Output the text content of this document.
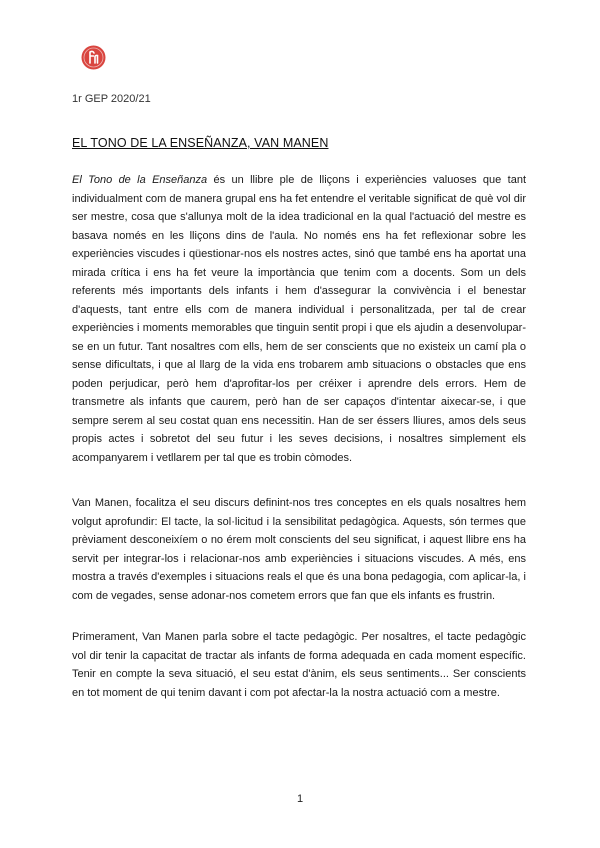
1r GEP 2020/21
EL TONO DE LA ENSEÑANZA, VAN MANEN

El Tono de la Enseñanza és un llibre ple de lliçons i experiències valuoses que tant individualment com de manera grupal ens ha fet entendre el veritable significat de què vol dir ser mestre, cosa que s'allunya molt de la idea tradicional en la qual l'actuació del mestre es basava només en les lliçons dins de l'aula. No només ens ha fet reflexionar sobre les experiències viscudes i qüestionar-nos els nostres actes, sinó que també ens ha aportat una mirada crítica i ens ha fet veure la importància que tenim com a docents. Som un dels referents més importants dels infants i hem d'assegurar la convivència i el benestar d'aquests, tant entre ells com de manera individual i personalitzada, per tal de crear experiències i moments memorables que tinguin sentit propi i que els ajudin a desenvolupar-se en un futur. Tant nosaltres com ells, hem de ser conscients que no existeix un camí pla o sense dificultats, i que al llarg de la vida ens trobarem amb situacions o obstacles que ens poden perjudicar, però hem d'aprofitar-los per créixer i aprendre dels errors. Hem de transmetre als infants que caurem, però han de ser capaços d'intentar aixecar-se, i que sempre serem al seu costat quan ens necessitin. Han de ser éssers lliures, amos dels seus propis actes i sobretot del seu futur i les seves decisions, i nosaltres simplement els acompanyarem i vetllarem per tal que es trobin còmodes.

Van Manen, focalitza el seu discurs definint-nos tres conceptes en els quals nosaltres hem volgut aprofundir: El tacte, la sol·licitud i la sensibilitat pedagògica. Aquests, són termes que prèviament desconeixíem o no érem molt conscients del seu significat, i aquest llibre ens ha servit per integrar-los i relacionar-nos amb experiències i situacions viscudes. A més, ens mostra a través d'exemples i situacions reals el que és una bona pedagogia, com aplicar-la, i com de vegades, sense adonar-nos cometem errors que fan que els infants es frustrin.

Primerament, Van Manen parla sobre el tacte pedagògic. Per nosaltres, el tacte pedagògic vol dir tenir la capacitat de tractar als infants de forma adequada en cada moment específic. Tenir en compte la seva situació, el seu estat d'ànim, els seus sentiments... Ser conscients en tot moment de qui tenim davant i com pot afectar-la la nostra actuació com a mestre.

1
